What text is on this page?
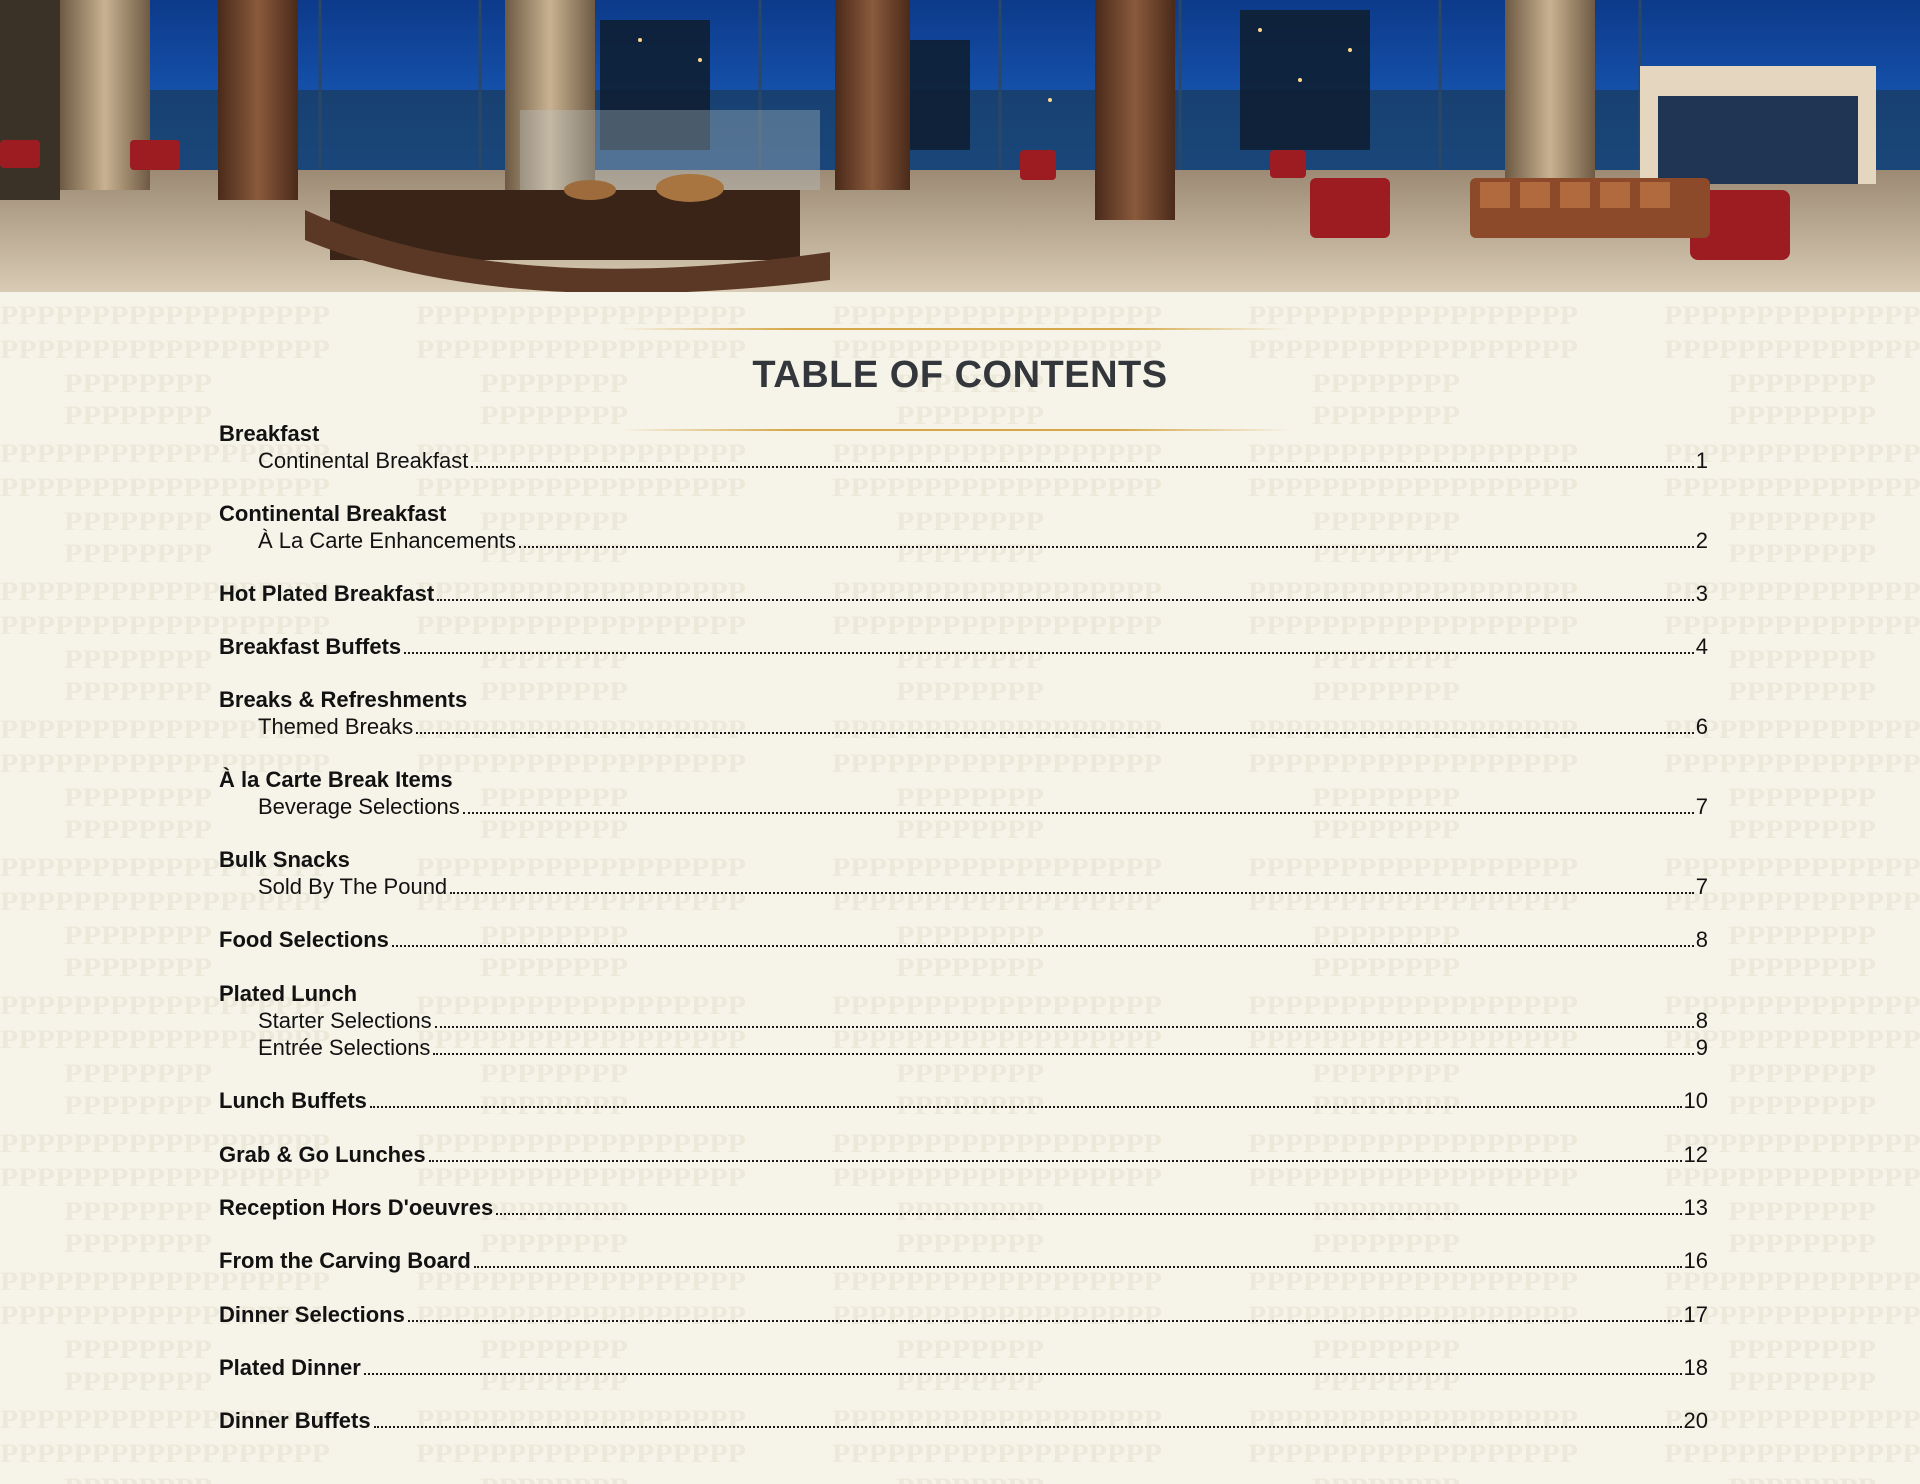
TABLE OF CONTENTS
Breakfast
Continental Breakfast	1
Continental Breakfast
À La Carte Enhancements	2
Hot Plated Breakfast	3
Breakfast Buffets	4
Breaks & Refreshments
Themed Breaks	6
À la Carte Break Items
Beverage Selections	7
Bulk Snacks
Sold By The Pound	7
Food Selections	8
Plated Lunch
Starter Selections	8
Entrée Selections	9
Lunch Buffets	10
Grab & Go Lunches	12
Reception Hors D'oeuvres	13
From the Carving Board	16
Dinner Selections	17
Plated Dinner	18
Dinner Buffets	20
